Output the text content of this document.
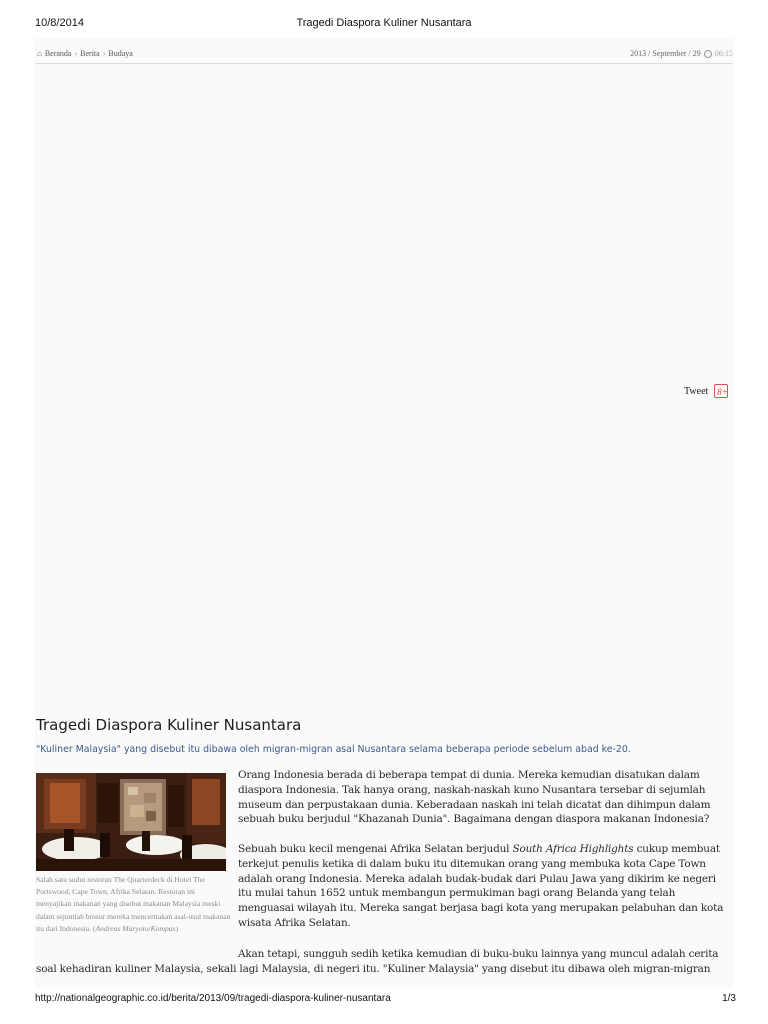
10/8/2014	Tragedi Diaspora Kuliner Nusantara
⌂ Beranda › Berita › Budaya	2013 / September / 29 06:15
Tweet	8+
Tragedi Diaspora Kuliner Nusantara
"Kuliner Malaysia" yang disebut itu dibawa oleh migran-migran asal Nusantara selama beberapa periode sebelum abad ke-20.
Salah satu sudut restoran The Quarterdeck di Hotel The Portswood, Cape Town, Afrika Selatan. Restoran ini menyajikan makanan yang disebut makanan Malaysia meski dalam sejumlah brosur mereka menceritakan asal-usul makanan itu dari Indonesia. (Andreas Maryoto/Kompas)

Orang Indonesia berada di beberapa tempat di dunia. Mereka kemudian disatukan dalam diaspora Indonesia. Tak hanya orang, naskah-naskah kuno Nusantara tersebar di sejumlah museum dan perpustakaan dunia. Keberadaan naskah ini telah dicatat dan dihimpun dalam sebuah buku berjudul "Khazanah Dunia". Bagaimana dengan diaspora makanan Indonesia?

Sebuah buku kecil mengenai Afrika Selatan berjudul South Africa Highlights cukup membuat terkejut penulis ketika di dalam buku itu ditemukan orang yang membuka kota Cape Town adalah orang Indonesia. Mereka adalah budak-budak dari Pulau Jawa yang dikirim ke negeri itu mulai tahun 1652 untuk membangun permukiman bagi orang Belanda yang telah menguasai wilayah itu. Mereka sangat berjasa bagi kota yang merupakan pelabuhan dan kota wisata Afrika Selatan.

Akan tetapi, sungguh sedih ketika kemudian di buku-buku lainnya yang muncul adalah cerita
soal kehadiran kuliner Malaysia, sekali lagi Malaysia, di negeri itu. "Kuliner Malaysia" yang disebut itu dibawa oleh migran-migran
http://nationalgeographic.co.id/berita/2013/09/tragedi-diaspora-kuliner-nusantara	1/3
